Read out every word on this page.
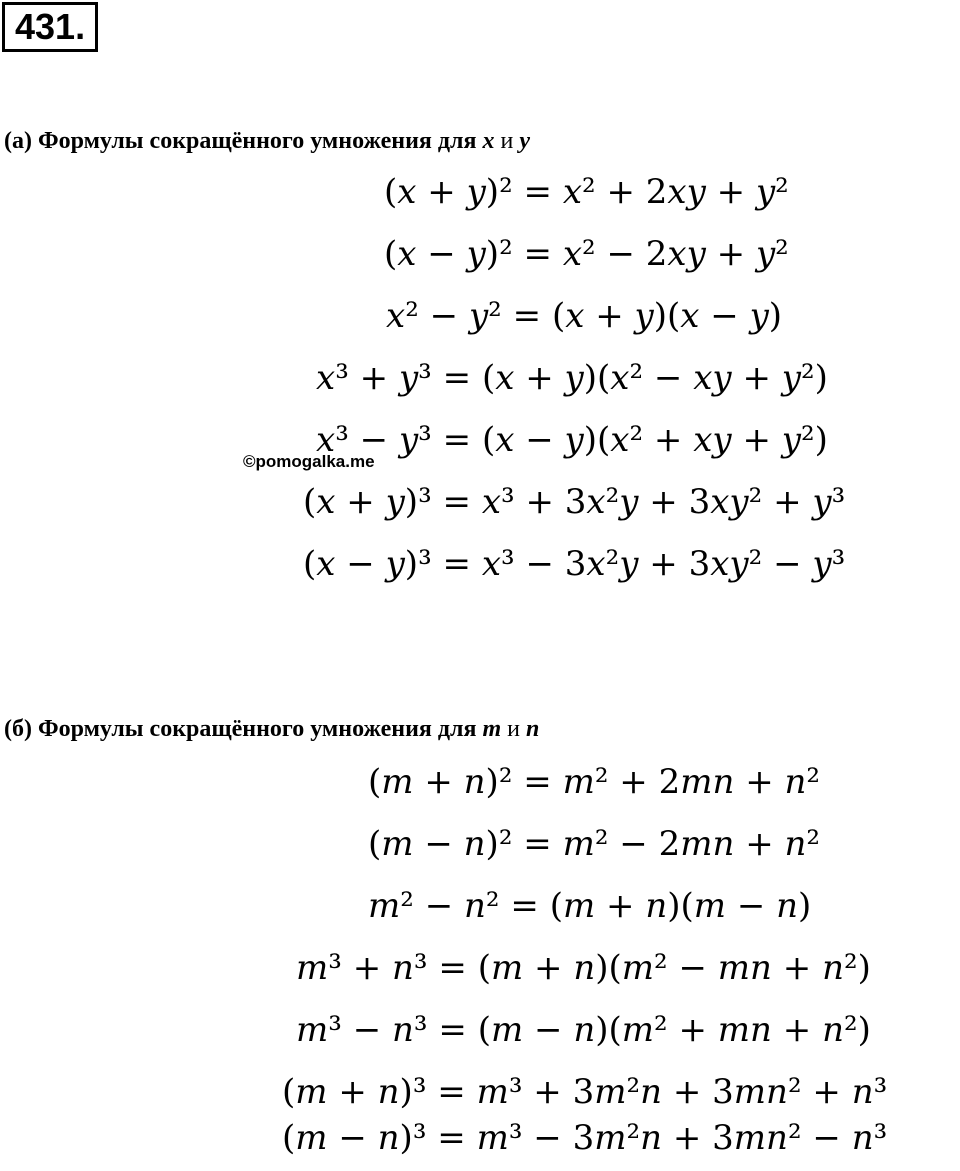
431.
(а) Формулы сокращённого умножения для x и y
(x + y)² = x² + 2xy + y²
(x − y)² = x² − 2xy + y²
x² − y² = (x + y)(x − y)
x³ + y³ = (x + y)(x² − xy + y²)
x³ − y³ = (x − y)(x² + xy + y²)
(x + y)³ = x³ + 3x²y + 3xy² + y³
(x − y)³ = x³ − 3x²y + 3xy² − y³
©pomogalka.me
(б) Формулы сокращённого умножения для m и n
(m + n)² = m² + 2mn + n²
(m − n)² = m² − 2mn + n²
m² − n² = (m + n)(m − n)
m³ + n³ = (m + n)(m² − mn + n²)
m³ − n³ = (m − n)(m² + mn + n²)
(m + n)³ = m³ + 3m²n + 3mn² + n³
(m − n)³ = m³ − 3m²n + 3mn² − n³
